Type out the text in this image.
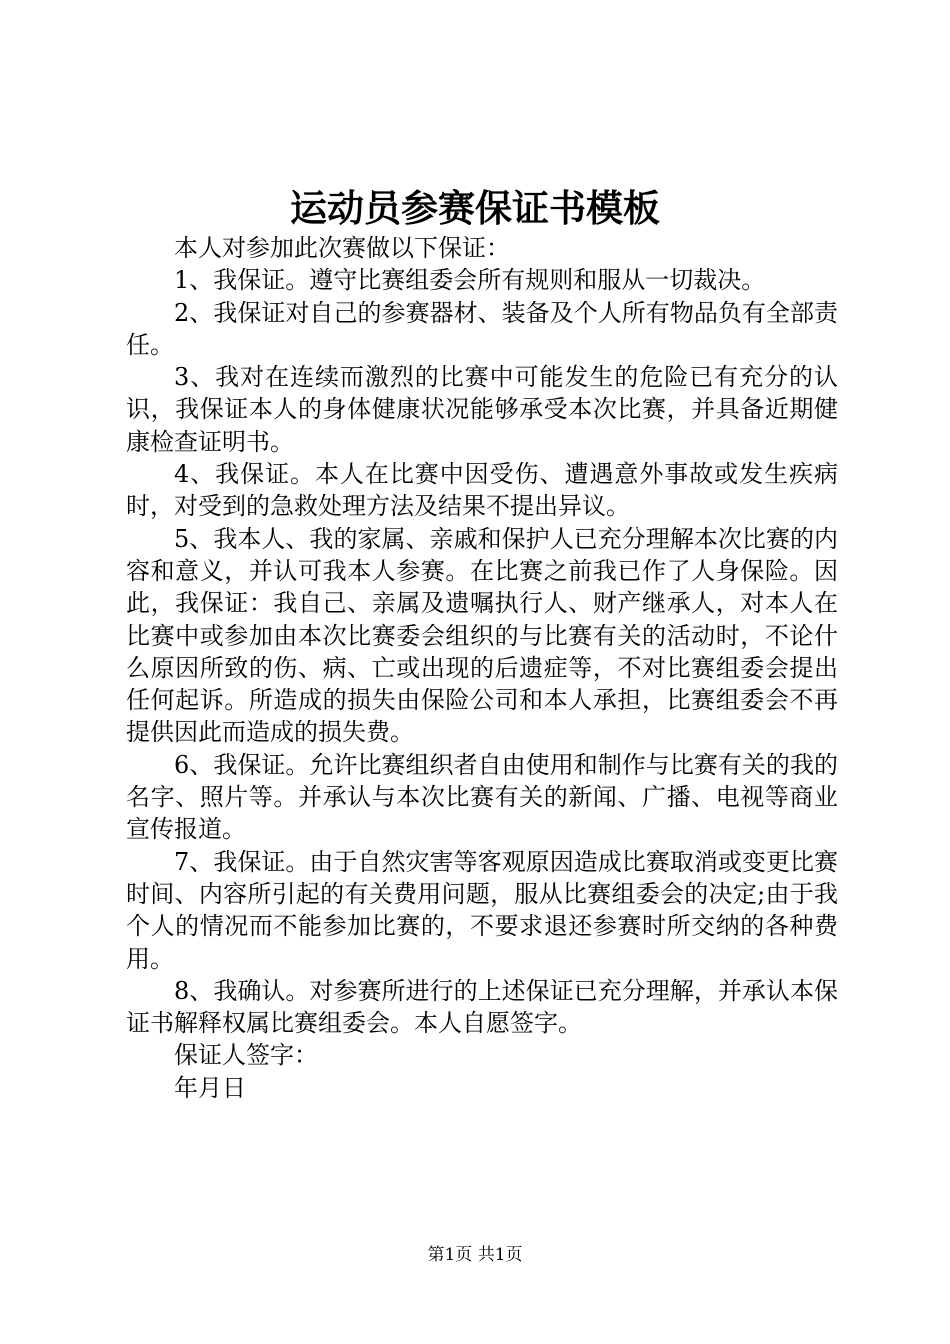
运动员参赛保证书模板

本人对参加此次赛做以下保证：

1、我保证。遵守比赛组委会所有规则和服从一切裁决。

2、我保证对自己的参赛器材、装备及个人所有物品负有全部责任。

3、我对在连续而激烈的比赛中可能发生的危险已有充分的认识，我保证本人的身体健康状况能够承受本次比赛，并具备近期健康检查证明书。

4、我保证。本人在比赛中因受伤、遭遇意外事故或发生疾病时，对受到的急救处理方法及结果不提出异议。

5、我本人、我的家属、亲戚和保护人已充分理解本次比赛的内容和意义，并认可我本人参赛。在比赛之前我已作了人身保险。因此，我保证：我自己、亲属及遗嘱执行人、财产继承人，对本人在比赛中或参加由本次比赛委会组织的与比赛有关的活动时，不论什么原因所致的伤、病、亡或出现的后遗症等，不对比赛组委会提出任何起诉。所造成的损失由保险公司和本人承担，比赛组委会不再提供因此而造成的损失费。

6、我保证。允许比赛组织者自由使用和制作与比赛有关的我的名字、照片等。并承认与本次比赛有关的新闻、广播、电视等商业宣传报道。

7、我保证。由于自然灾害等客观原因造成比赛取消或变更比赛时间、内容所引起的有关费用问题，服从比赛组委会的决定;由于我个人的情况而不能参加比赛的，不要求退还参赛时所交纳的各种费用。

8、我确认。对参赛所进行的上述保证已充分理解，并承认本保证书解释权属比赛组委会。本人自愿签字。

保证人签字：

年月日

第1页 共1页
